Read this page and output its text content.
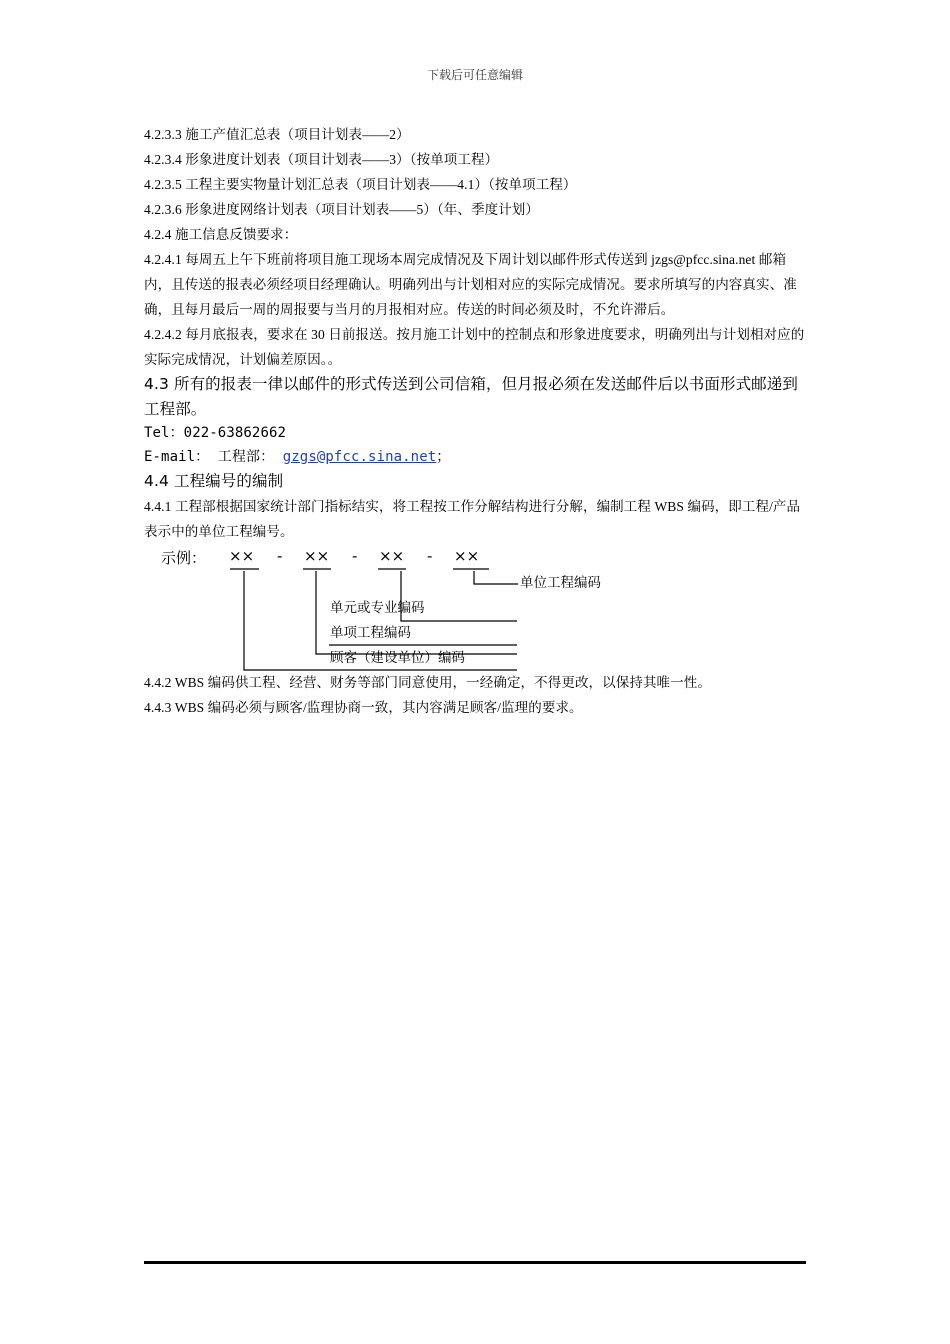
下载后可任意编辑

4.2.3.3 施工产值汇总表（项目计划表——2）

4.2.3.4 形象进度计划表（项目计划表——3）（按单项工程）

4.2.3.5 工程主要实物量计划汇总表（项目计划表——4.1）（按单项工程）

4.2.3.6 形象进度网络计划表（项目计划表——5）（年、季度计划）

4.2.4 施工信息反馈要求：

4.2.4.1 每周五上午下班前将项目施工现场本周完成情况及下周计划以邮件形式传送到 jzgs@pfcc.sina.net 邮箱内，且传送的报表必须经项目经理确认。明确列出与计划相对应的实际完成情况。要求所填写的内容真实、准确，且每月最后一周的周报要与当月的月报相对应。传送的时间必须及时，不允许滞后。

4.2.4.2 每月底报表，要求在 30 日前报送。按月施工计划中的控制点和形象进度要求，明确列出与计划相对应的实际完成情况，计划偏差原因。。

4.3 所有的报表一律以邮件的形式传送到公司信箱，但月报必须在发送邮件后以书面形式邮递到工程部。

Tel：022-63862662

E-mail： 工程部： gzgs@pfcc.sina.net；

4.4 工程编号的编制

4.4.1 工程部根据国家统计部门指标结实，将工程按工作分解结构进行分解，编制工程 WBS 编码，即工程/产品表示中的单位工程编号。

示例： ×× - ×× - ×× - ××
单位工程编码
单元或专业编码
单项工程编码
顾客（建设单位）编码

4.4.2 WBS 编码供工程、经营、财务等部门同意使用，一经确定，不得更改，以保持其唯一性。

4.4.3 WBS 编码必须与顾客/监理协商一致，其内容满足顾客/监理的要求。
